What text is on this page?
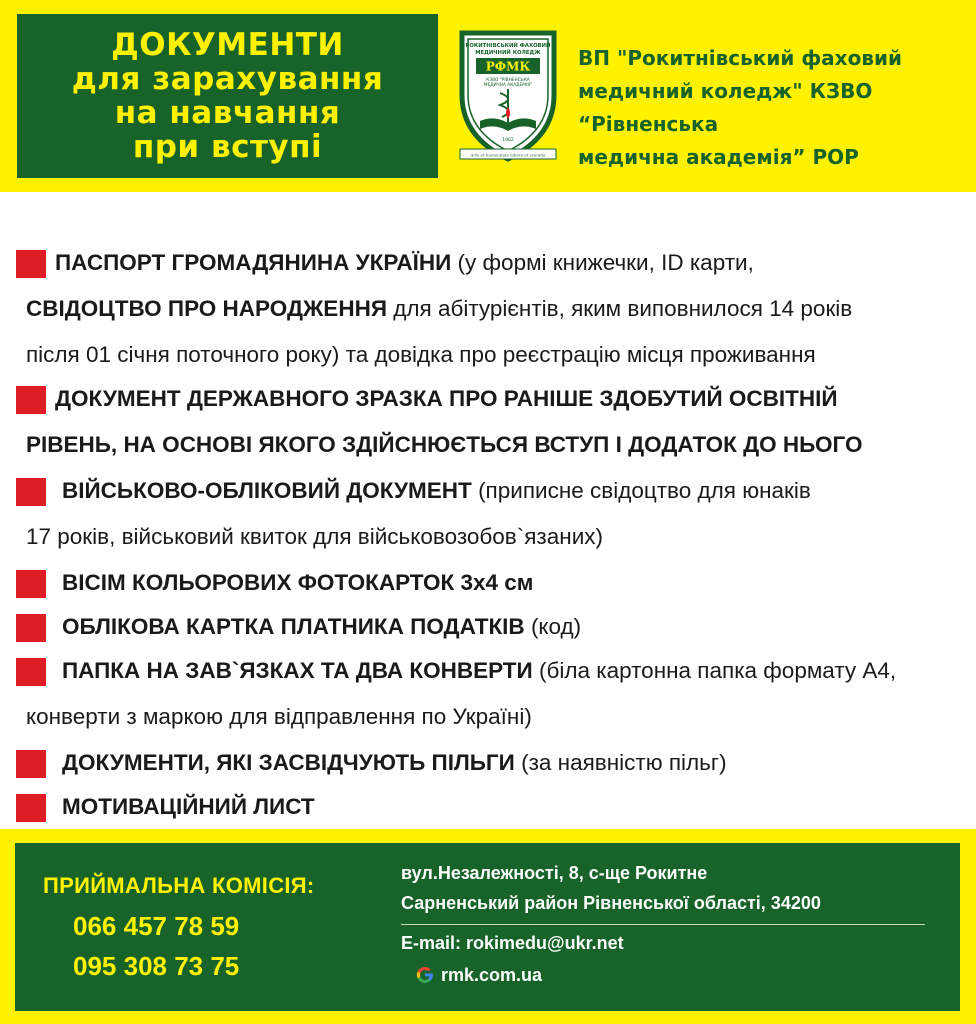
ДОКУМЕНТИ
для зарахування
на навчання
при вступі
РОКИТНІВСЬКИЙ ФАХОВИЙ
МЕДИЧНИЙ КОЛЕДЖ
РФМК
КЗВО "РІВНЕНСЬКА
МЕДИЧНА АКАДЕМІЯ"
1962
Arte et humanitate labore et scientia
ВП "Рокитнівський фаховий
медичний коледж" КЗВО “Рівненська
медична академія” РОР
ПАСПОРТ ГРОМАДЯНИНА УКРАЇНИ (у формі книжечки, ID карти,
СВІДОЦТВО ПРО НАРОДЖЕННЯ для абітурієнтів, яким виповнилося 14 років
після 01 січня поточного року) та довідка про реєстрацію місця проживання
ДОКУМЕНТ ДЕРЖАВНОГО ЗРАЗКА ПРО РАНІШЕ ЗДОБУТИЙ ОСВІТНІЙ
РІВЕНЬ, НА ОСНОВІ ЯКОГО ЗДІЙСНЮЄТЬСЯ ВСТУП І ДОДАТОК ДО НЬОГО
ВІЙСЬКОВО-ОБЛІКОВИЙ ДОКУМЕНТ (приписне свідоцтво для юнаків
17 років, військовий квиток для військовозобов`язаних)
ВІСІМ КОЛЬОРОВИХ ФОТОКАРТОК 3х4 см
ОБЛІКОВА КАРТКА ПЛАТНИКА ПОДАТКІВ (код)
ПАПКА НА ЗАВ`ЯЗКАХ ТА ДВА КОНВЕРТИ (біла картонна папка формату А4,
конверти з маркою для відправлення по Україні)
ДОКУМЕНТИ, ЯКІ ЗАСВІДЧУЮТЬ ПІЛЬГИ (за наявністю пільг)
МОТИВАЦІЙНИЙ ЛИСТ
ПРИЙМАЛЬНА КОМІСІЯ:
066 457 78 59
095 308 73 75
вул.Незалежності, 8, с-ще Рокитне
Сарненський район Рівненської області, 34200
E-mail: rokimedu@ukr.net
rmk.com.ua
